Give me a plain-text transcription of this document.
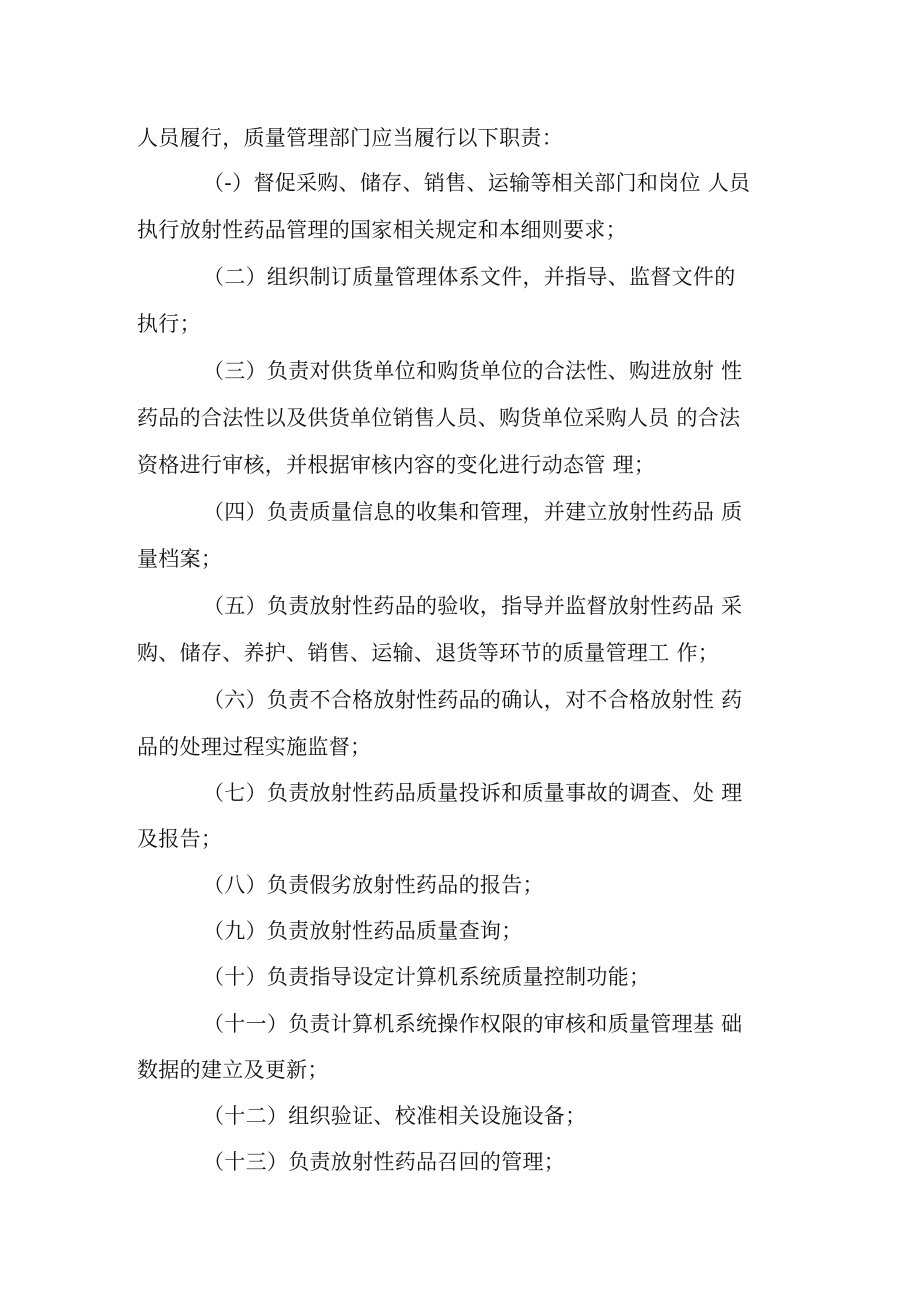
人员履行，质量管理部门应当履行以下职责：
（-）督促采购、储存、销售、运输等相关部门和岗位 人员
执行放射性药品管理的国家相关规定和本细则要求；
（二）组织制订质量管理体系文件，并指导、监督文件的
执行；
（三）负责对供货单位和购货单位的合法性、购进放射 性
药品的合法性以及供货单位销售人员、购货单位采购人员 的合法
资格进行审核，并根据审核内容的变化进行动态管 理；
（四）负责质量信息的收集和管理，并建立放射性药品 质
量档案；
（五）负责放射性药品的验收，指导并监督放射性药品 采
购、储存、养护、销售、运输、退货等环节的质量管理工 作；
（六）负责不合格放射性药品的确认，对不合格放射性 药
品的处理过程实施监督；
（七）负责放射性药品质量投诉和质量事故的调查、处 理
及报告；
（八）负责假劣放射性药品的报告；
（九）负责放射性药品质量查询；
（十）负责指导设定计算机系统质量控制功能；
（十一）负责计算机系统操作权限的审核和质量管理基 础
数据的建立及更新；
（十二）组织验证、校准相关设施设备；
（十三）负责放射性药品召回的管理；
